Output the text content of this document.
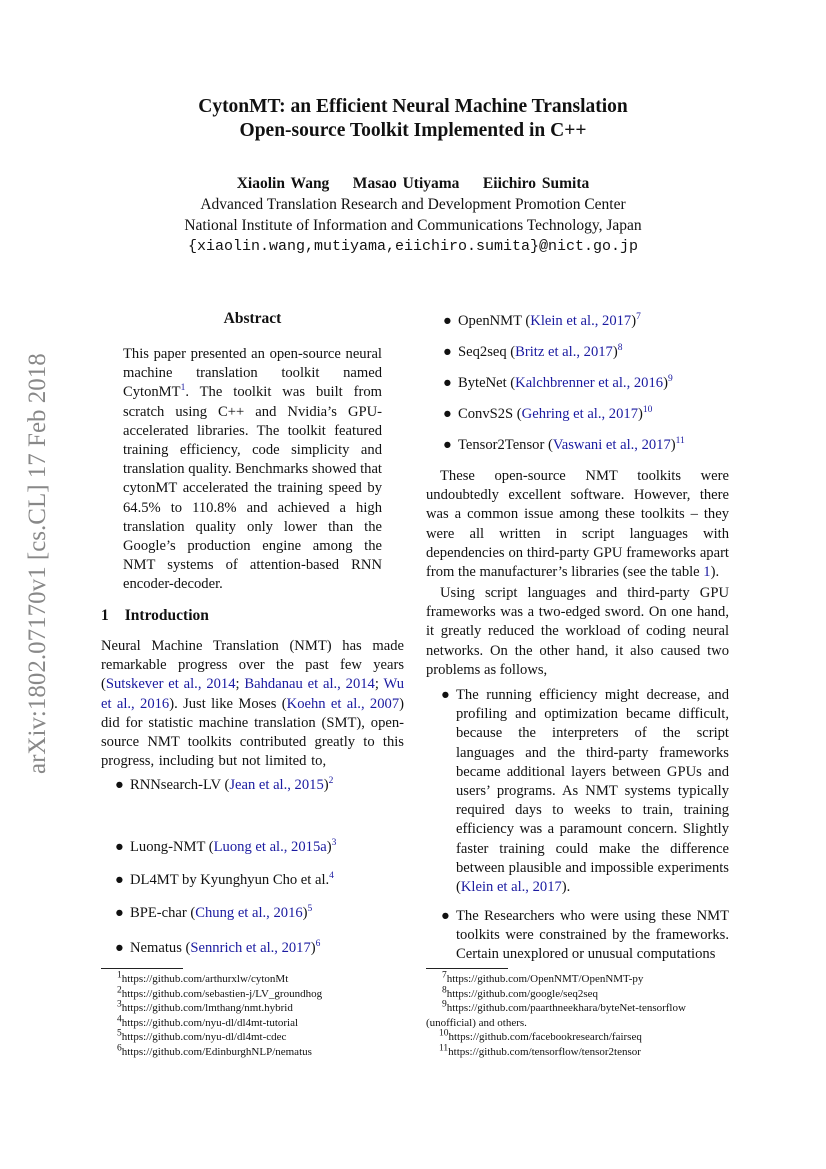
arXiv:1802.07170v1 [cs.CL] 17 Feb 2018
CytonMT: an Efficient Neural Machine Translation
Open-source Toolkit Implemented in C++
Xiaolin Wang    Masao Utiyama    Eiichiro Sumita
Advanced Translation Research and Development Promotion Center
National Institute of Information and Communications Technology, Japan
{xiaolin.wang,mutiyama,eiichiro.sumita}@nict.go.jp
Abstract
This paper presented an open-source neural machine translation toolkit named CytonMT$^1$. The toolkit was built from scratch using C++ and Nvidia’s GPU-accelerated libraries. The toolkit featured training efficiency, code simplicity and translation quality. Benchmarks showed that cytonMT accelerated the training speed by 64.5% to 110.8% and achieved a high translation quality only lower than the Google’s production engine among the NMT systems of attention-based RNN encoder-decoder.
1 Introduction
Neural Machine Translation (NMT) has made remarkable progress over the past few years (Sutskever et al., 2014; Bahdanau et al., 2014; Wu et al., 2016). Just like Moses (Koehn et al., 2007) did for statistic machine translation (SMT), open-source NMT toolkits contributed greatly to this progress, including but not limited to,
● RNNsearch-LV (Jean et al., 2015)$^2$
● Luong-NMT (Luong et al., 2015a)$^3$
● DL4MT by Kyunghyun Cho et al.$^4$
● BPE-char (Chung et al., 2016)$^5$
● Nematus (Sennrich et al., 2017)$^6$
$^1$https://github.com/arthurxlw/cytonMt
$^2$https://github.com/sebastien-j/LV_groundhog
$^3$https://github.com/lmthang/nmt.hybrid
$^4$https://github.com/nyu-dl/dl4mt-tutorial
$^5$https://github.com/nyu-dl/dl4mt-cdec
$^6$https://github.com/EdinburghNLP/nematus
● OpenNMT (Klein et al., 2017)$^7$
● Seq2seq (Britz et al., 2017)$^8$
● ByteNet (Kalchbrenner et al., 2016)$^9$
● ConvS2S (Gehring et al., 2017)$^{10}$
● Tensor2Tensor (Vaswani et al., 2017)$^{11}$
These open-source NMT toolkits were undoubtedly excellent software. However, there was a common issue among these toolkits – they were all written in script languages with dependencies on third-party GPU frameworks apart from the manufacturer’s libraries (see the table 1).
Using script languages and third-party GPU frameworks was a two-edged sword. On one hand, it greatly reduced the workload of coding neural networks. On the other hand, it also caused two problems as follows,
● The running efficiency might decrease, and profiling and optimization became difficult, because the interpreters of the script languages and the third-party frameworks became additional layers between GPUs and users’ programs. As NMT systems typically required days to weeks to train, training efficiency was a paramount concern. Slightly faster training could make the difference between plausible and impossible experiments (Klein et al., 2017).
● The Researchers who were using these NMT toolkits were constrained by the frameworks. Certain unexplored or unusual computations
$^7$https://github.com/OpenNMT/OpenNMT-py
$^8$https://github.com/google/seq2seq
$^9$https://github.com/paarthneekhara/byteNet-tensorflow (unofficial) and others.
$^{10}$https://github.com/facebookresearch/fairseq
$^{11}$https://github.com/tensorflow/tensor2tensor
